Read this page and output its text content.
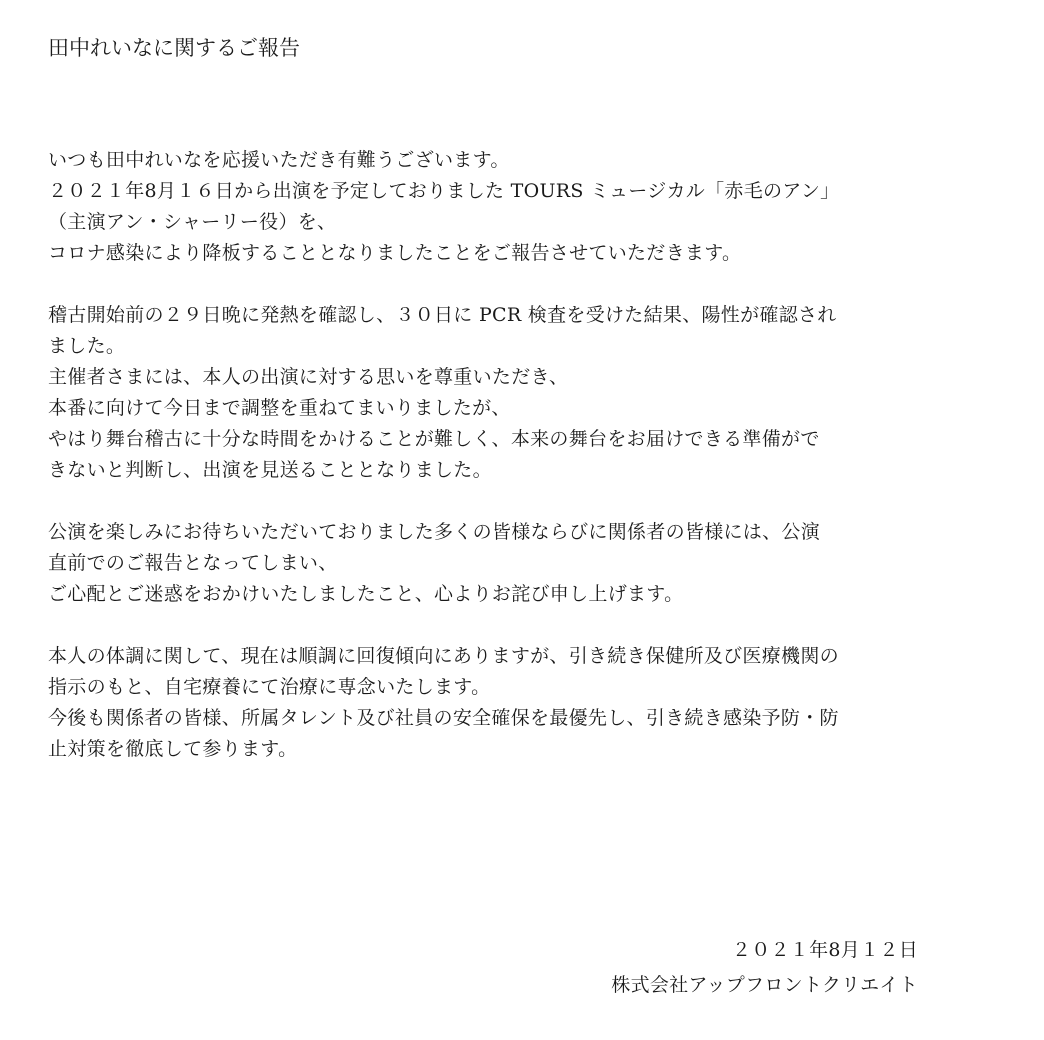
田中れいなに関するご報告
いつも田中れいなを応援いただき有難うございます。
２０２１年8月１６日から出演を予定しておりました TOURS ミュージカル「赤毛のアン」
（主演アン・シャーリー役）を、
コロナ感染により降板することとなりましたことをご報告させていただきます。
稽古開始前の２９日晩に発熱を確認し、３０日に PCR 検査を受けた結果、陽性が確認され
ました。
主催者さまには、本人の出演に対する思いを尊重いただき、
本番に向けて今日まで調整を重ねてまいりましたが、
やはり舞台稽古に十分な時間をかけることが難しく、本来の舞台をお届けできる準備がで
きないと判断し、出演を見送ることとなりました。
公演を楽しみにお待ちいただいておりました多くの皆様ならびに関係者の皆様には、公演
直前でのご報告となってしまい、
ご心配とご迷惑をおかけいたしましたこと、心よりお詫び申し上げます。
本人の体調に関して、現在は順調に回復傾向にありますが、引き続き保健所及び医療機関の
指示のもと、自宅療養にて治療に専念いたします。
今後も関係者の皆様、所属タレント及び社員の安全確保を最優先し、引き続き感染予防・防
止対策を徹底して参ります。
２０２１年8月１２日
株式会社アップフロントクリエイト
